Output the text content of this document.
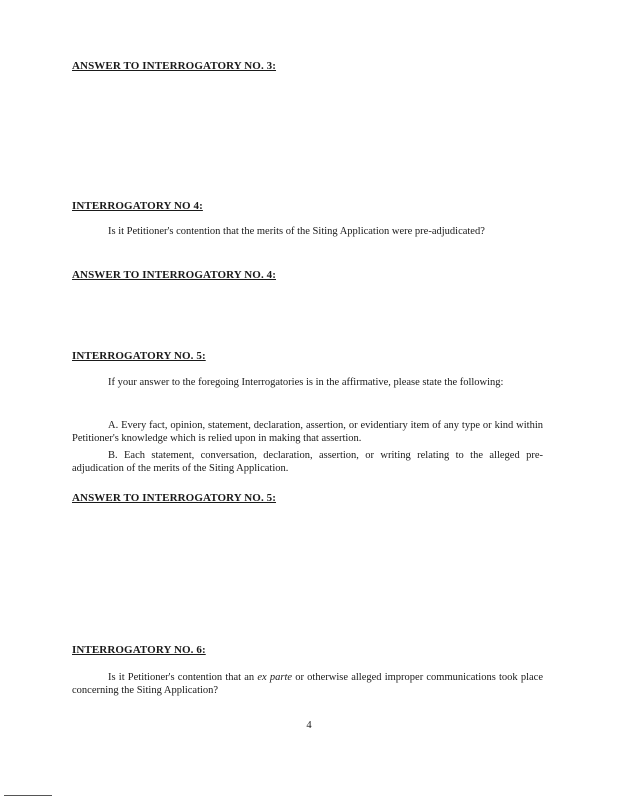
ANSWER TO INTERROGATORY NO. 3:
INTERROGATORY NO 4:
Is it Petitioner's contention that the merits of the Siting Application were pre-adjudicated?
ANSWER TO INTERROGATORY NO. 4:
INTERROGATORY NO. 5:
If your answer to the foregoing Interrogatories is in the affirmative, please state the following:
A. Every fact, opinion, statement, declaration, assertion, or evidentiary item of any type or kind within Petitioner's knowledge which is relied upon in making that assertion.
B. Each statement, conversation, declaration, assertion, or writing relating to the alleged pre-adjudication of the merits of the Siting Application.
ANSWER TO INTERROGATORY NO. 5:
INTERROGATORY NO. 6:
Is it Petitioner's contention that an ex parte or otherwise alleged improper communications took place concerning the Siting Application?
4
